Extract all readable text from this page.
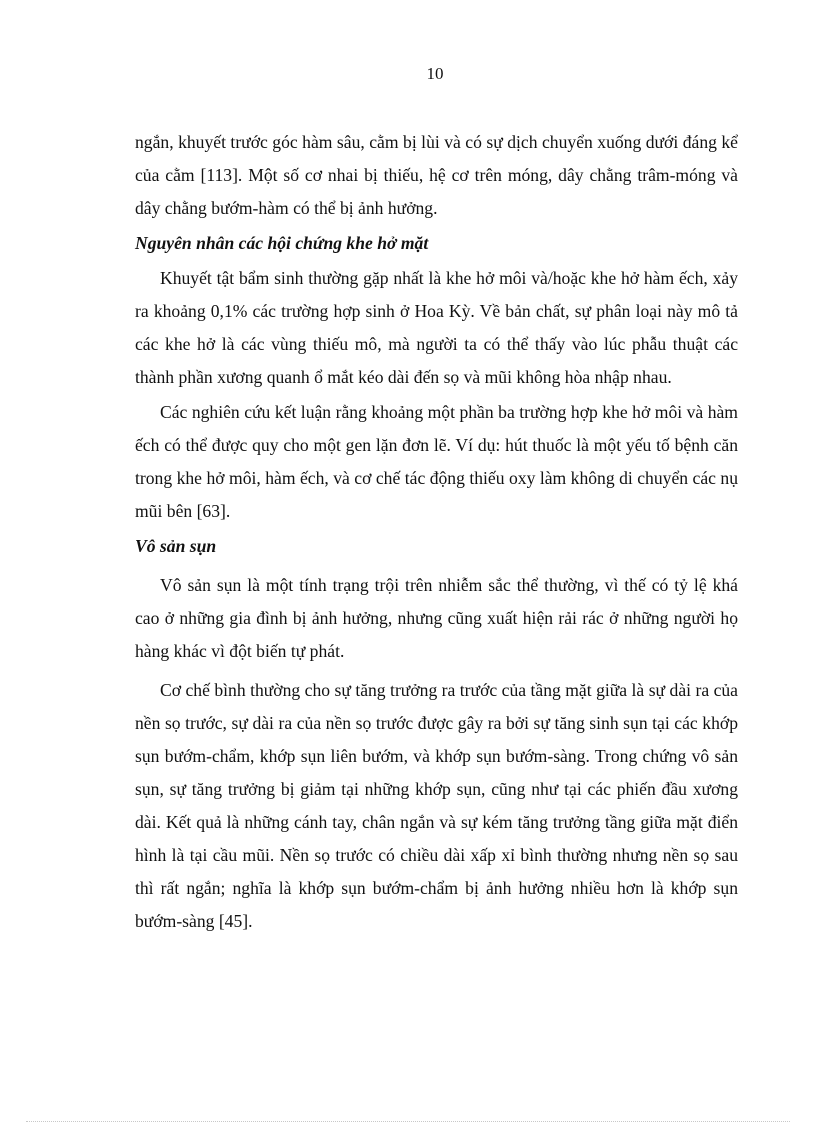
10

ngắn, khuyết trước góc hàm sâu, cằm bị lùi và có sự dịch chuyển xuống dưới đáng kể của cằm [113]. Một số cơ nhai bị thiếu, hệ cơ trên móng, dây chằng trâm-móng và dây chằng bướm-hàm có thể bị ảnh hưởng.

Nguyên nhân các hội chứng khe hở mặt

Khuyết tật bẩm sinh thường gặp nhất là khe hở môi và/hoặc khe hở hàm ếch, xảy ra khoảng 0,1% các trường hợp sinh ở Hoa Kỳ. Về bản chất, sự phân loại này mô tả các khe hở là các vùng thiếu mô, mà người ta có thể thấy vào lúc phẫu thuật các thành phần xương quanh ổ mắt kéo dài đến sọ và mũi không hòa nhập nhau.

Các nghiên cứu kết luận rằng khoảng một phần ba trường hợp khe hở môi và hàm ếch có thể được quy cho một gen lặn đơn lẽ. Ví dụ: hút thuốc là một yếu tố bệnh căn trong khe hở môi, hàm ếch, và cơ chế tác động thiếu oxy làm không di chuyển các nụ mũi bên [63].

Vô sản sụn

Vô sản sụn là một tính trạng trội trên nhiễm sắc thể thường, vì thế có tỷ lệ khá cao ở những gia đình bị ảnh hưởng, nhưng cũng xuất hiện rải rác ở những người họ hàng khác vì đột biến tự phát.

Cơ chế bình thường cho sự tăng trưởng ra trước của tầng mặt giữa là sự dài ra của nền sọ trước, sự dài ra của nền sọ trước được gây ra bởi sự tăng sinh sụn tại các khớp sụn bướm-chẩm, khớp sụn liên bướm, và khớp sụn bướm-sàng. Trong chứng vô sản sụn, sự tăng trưởng bị giảm tại những khớp sụn, cũng như tại các phiến đầu xương dài. Kết quả là những cánh tay, chân ngắn và sự kém tăng trưởng tầng giữa mặt điển hình là tại cầu mũi. Nền sọ trước có chiều dài xấp xỉ bình thường nhưng nền sọ sau thì rất ngắn; nghĩa là khớp sụn bướm-chẩm bị ảnh hưởng nhiều hơn là khớp sụn bướm-sàng [45].
